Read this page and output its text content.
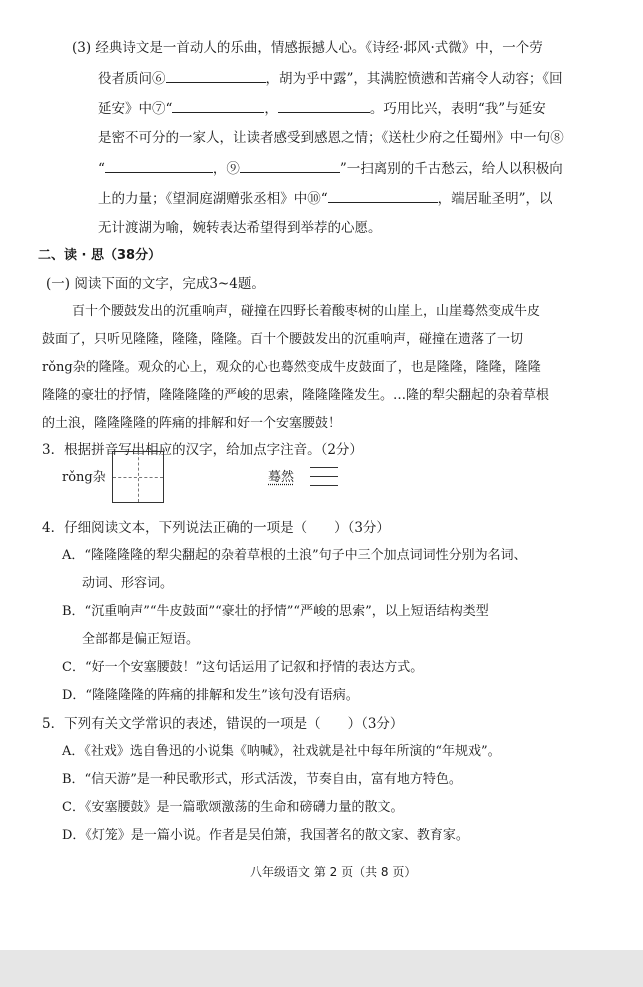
(3) 经典诗文是一首动人的乐曲，情感振撼人心。《诗经·邶风·式微》中，一个劳
役者质问⑥	，胡为乎中露”，其满腔愤懑和苦痛令人动容；《回
延安》中⑦“	，	。巧用比兴，表明“我”与延安
是密不可分的一家人，让读者感受到感恩之情；《送杜少府之任蜀州》中一句⑧
“	，⑨	”一扫离别的千古愁云，给人以积极向
上的力量；《望洞庭湖赠张丞相》中⑩“	，端居耻圣明”，以
无计渡湖为喻，婉转表达希望得到举荐的心愿。
二、读 · 思（38分）
(一) 阅读下面的文字，完成3~4题。
百十个腰鼓发出的沉重响声，碰撞在四野长着酸枣树的山崖上，山崖蓦然变成牛皮
鼓面了，只听见隆隆，隆隆，隆隆。百十个腰鼓发出的沉重响声，碰撞在遗落了一切
rǒng杂的隆隆。观众的心上，观众的心也蓦然变成牛皮鼓面了，也是隆隆，隆隆，隆隆
隆隆的豪壮的抒情，隆隆隆隆的严峻的思索，隆隆隆隆发生。…隆的犁尖翻起的杂着草根
的土浪，隆隆隆隆的阵痛的排解和好一个安塞腰鼓！
3．根据拼音写出相应的汉字，给加点字注音。（2分）
rǒng杂	蓦然
4．仔细阅读文本，下列说法正确的一项是（　　）（3分）
A．“隆隆隆隆的犁尖翻起的杂着草根的土浪”句子中三个加点词词性分别为名词、
动词、形容词。
B．“沉重响声”“牛皮鼓面”“豪壮的抒情”“严峻的思索”，以上短语结构类型
全部都是偏正短语。
C．“好一个安塞腰鼓！”这句话运用了记叙和抒情的表达方式。
D．“隆隆隆隆的阵痛的排解和发生”该句没有语病。
5．下列有关文学常识的表述，错误的一项是（　　）（3分）
A．《社戏》选自鲁迅的小说集《呐喊》，社戏就是社中每年所演的“年规戏”。
B．“信天游”是一种民歌形式，形式活泼，节奏自由，富有地方特色。
C．《安塞腰鼓》是一篇歌颂激荡的生命和磅礴力量的散文。
D．《灯笼》是一篇小说。作者是吴伯箫，我国著名的散文家、教育家。
八年级语文 第 2 页（共 8 页）
